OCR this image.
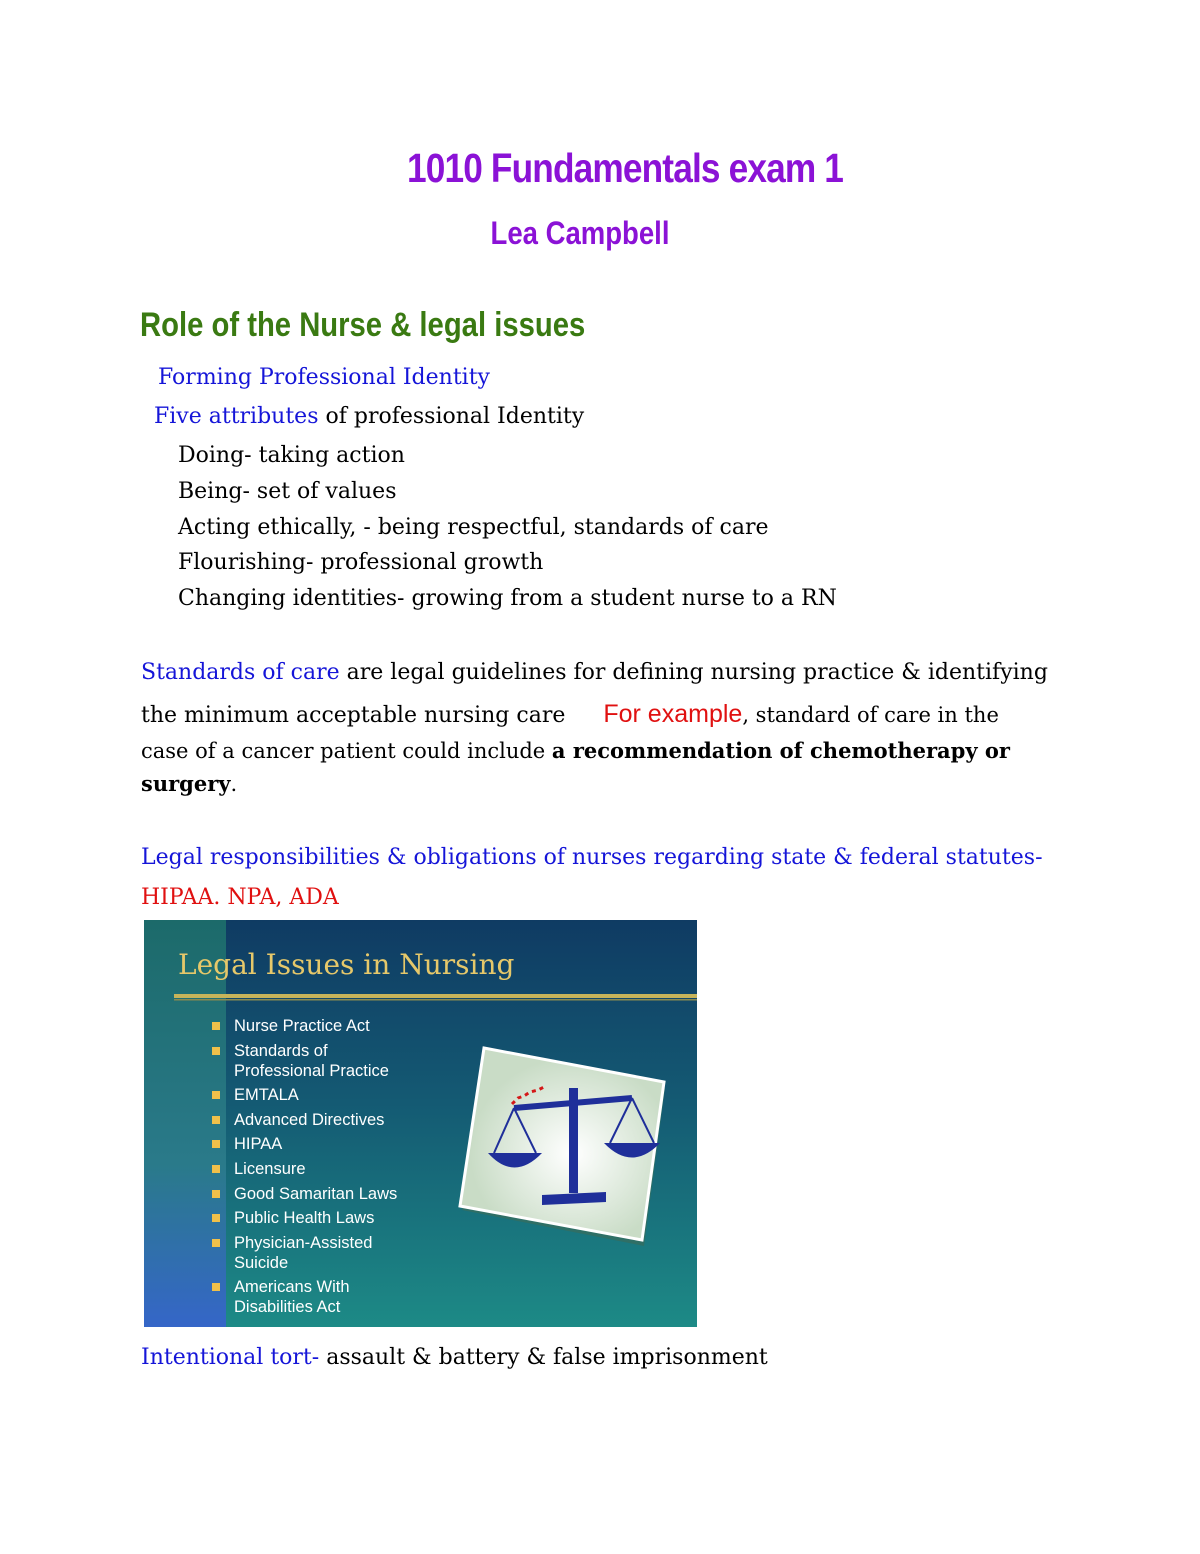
1010 Fundamentals exam 1
Lea Campbell
Role of the Nurse & legal issues
Forming Professional Identity
Five attributes of professional Identity
Doing- taking action
Being- set of values
Acting ethically, - being respectful, standards of care
Flourishing- professional growth
Changing identities- growing from a student nurse to a RN
Standards of care are legal guidelines for defining nursing practice & identifying
the minimum acceptable nursing care For example, standard of care in the
case of a cancer patient could include a recommendation of chemotherapy or
surgery.
Legal responsibilities & obligations of nurses regarding state & federal statutes-
HIPAA. NPA, ADA
Legal Issues in Nursing
Nurse Practice Act
Standards of
Professional Practice
EMTALA
Advanced Directives
HIPAA
Licensure
Good Samaritan Laws
Public Health Laws
Physician-Assisted
Suicide
Americans With
Disabilities Act
Intentional tort- assault & battery & false imprisonment
